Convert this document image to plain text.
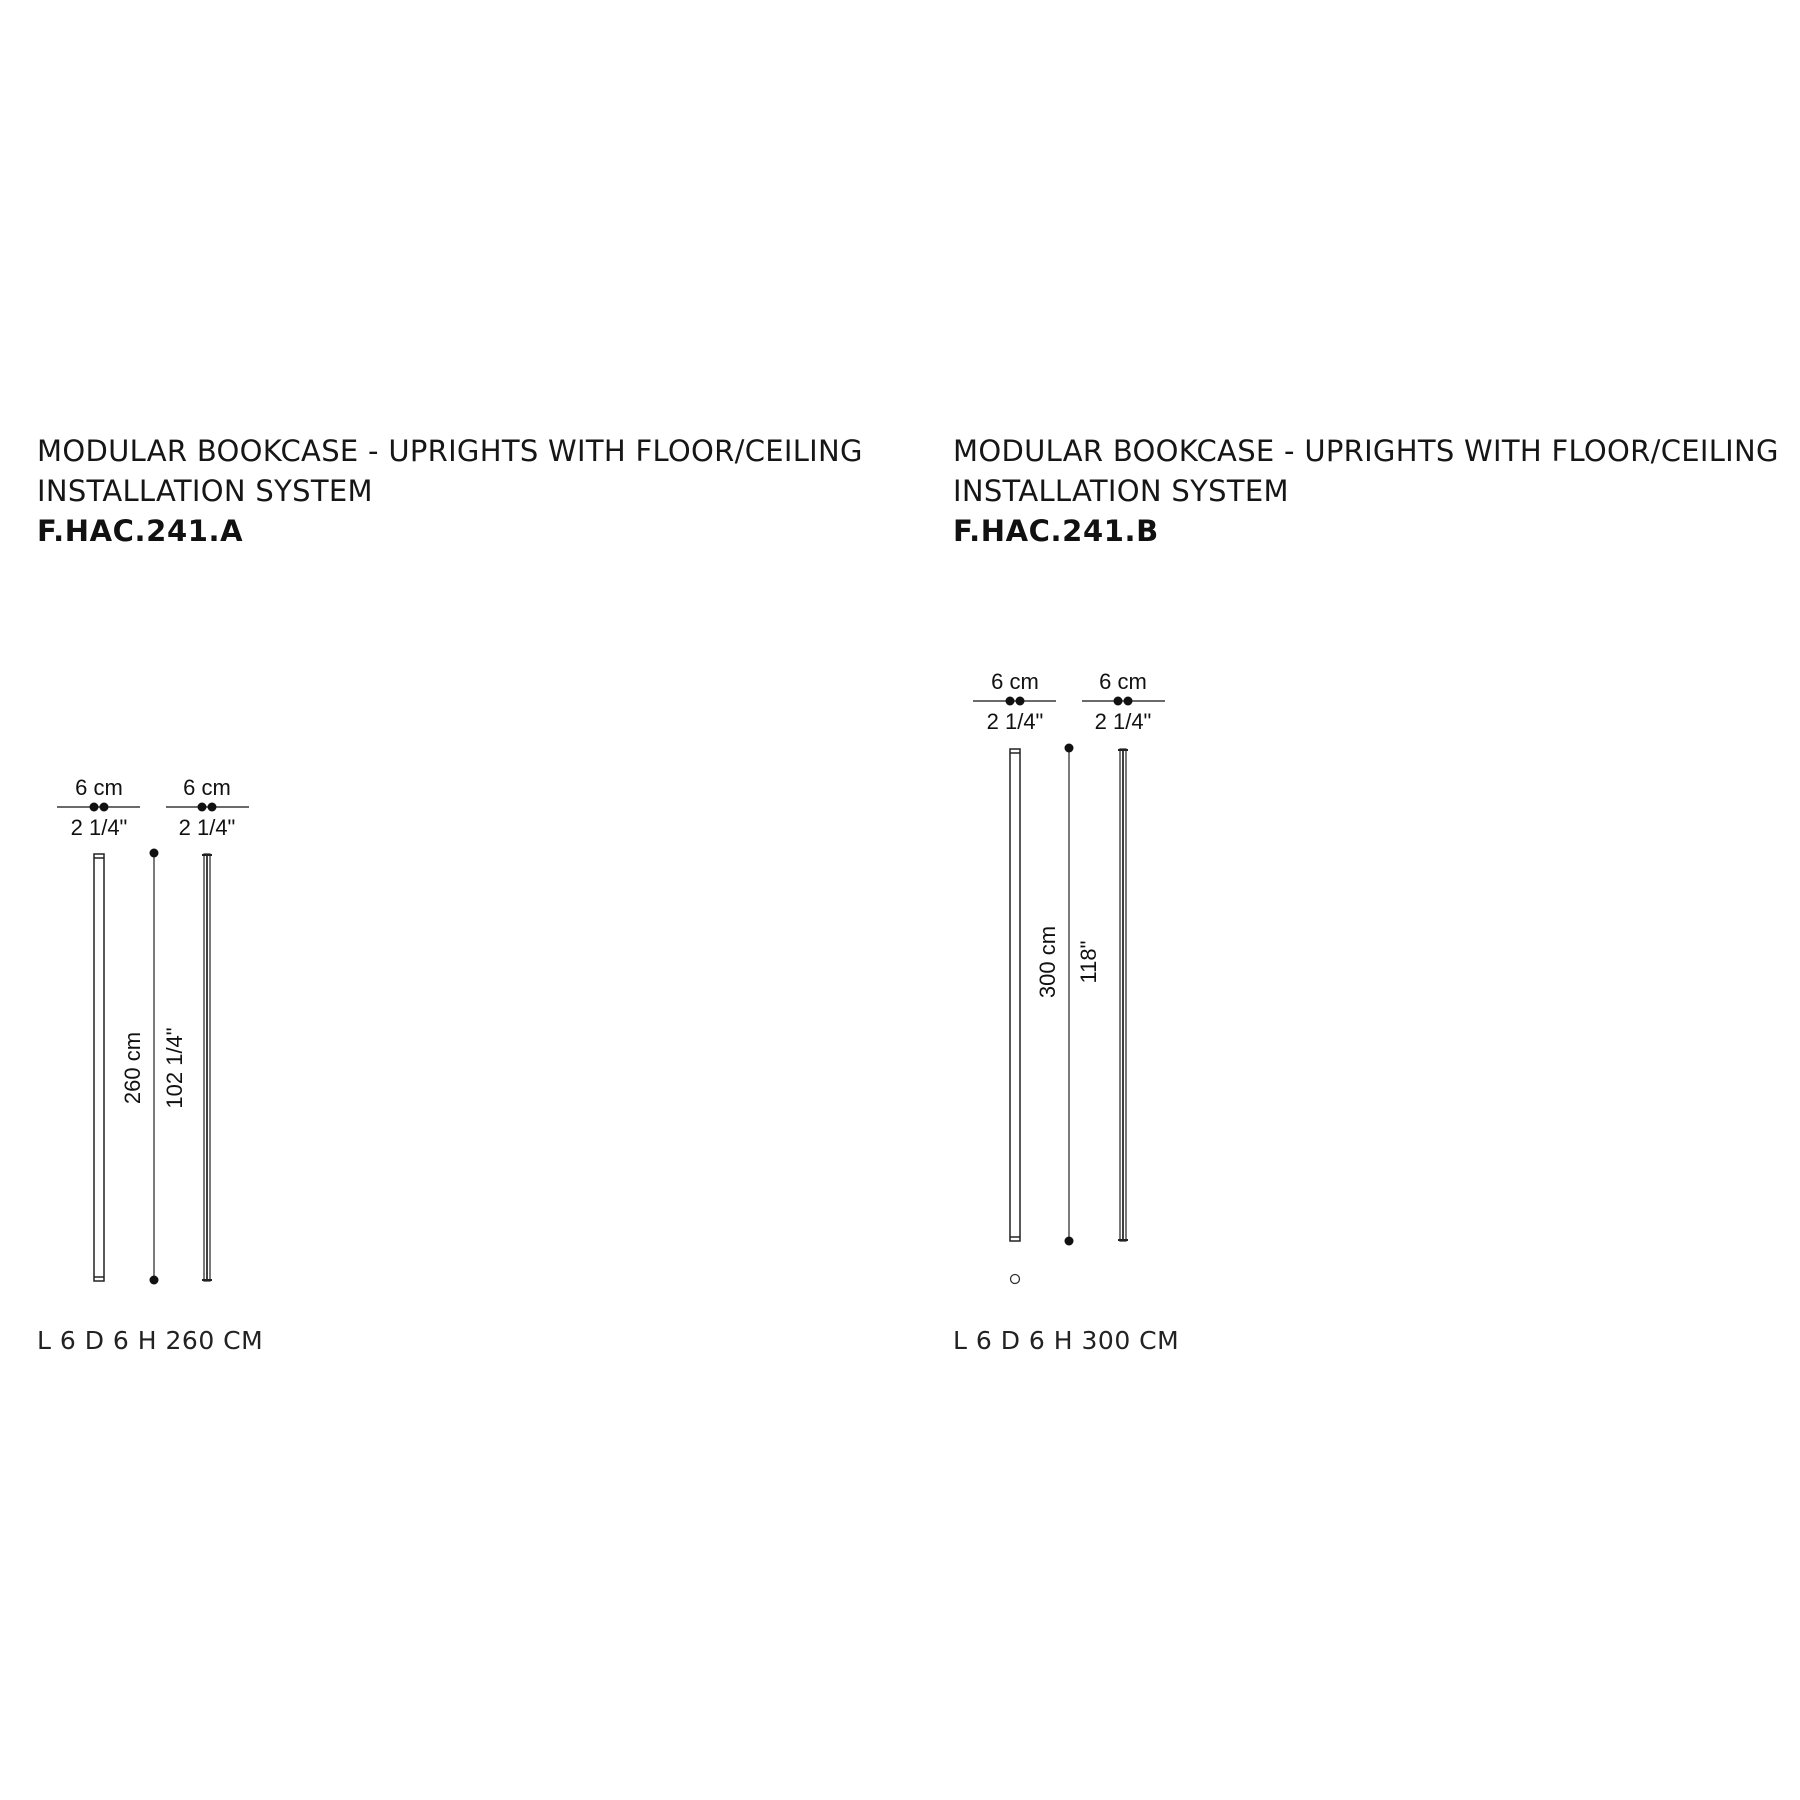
MODULAR BOOKCASE - UPRIGHTS WITH FLOOR/CEILING
INSTALLATION SYSTEM
F.HAC.241.A
6 cm
2 1/4"
6 cm
2 1/4"
260 cm 102 1/4"
L 6 D 6 H 260 CM
MODULAR BOOKCASE - UPRIGHTS WITH FLOOR/CEILING
INSTALLATION SYSTEM
F.HAC.241.B
6 cm
2 1/4"
6 cm
2 1/4"
300 cm 118"
L 6 D 6 H 300 CM
